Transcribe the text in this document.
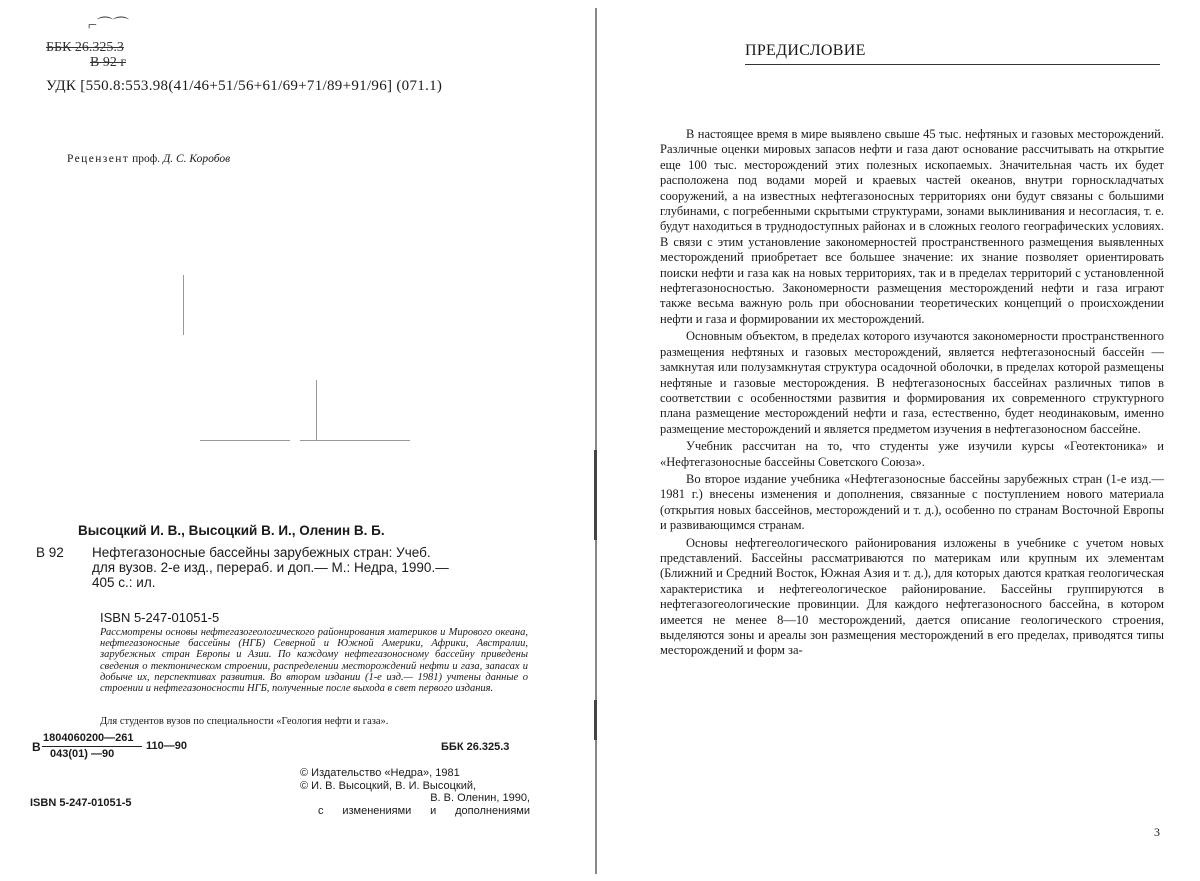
⌐⌒⌒
ББК 26.325.3
В 92 г
УДК [550.8:553.98(41/46+51/56+61/69+71/89+91/96] (071.1)
Рецензент проф. Д. С. Коробов
Высоцкий И. В., Высоцкий В. И., Оленин В. Б.
В 92 Нефтегазоносные бассейны зарубежных стран: Учеб.
для вузов. 2-е изд., перераб. и доп.— М.: Недра, 1990.—
405 с.: ил.
ISBN 5-247-01051-5
Рассмотрены основы нефтегазогеологического районирования материков и Мирового океана, нефтегазоносные бассейны (НГБ) Северной и Южной Америки, Африки, Австралии, зарубежных стран Европы и Азии. По каждому нефтегазоносному бассейну приведены сведения о тектоническом строении, распределении месторождений нефти и газа, запасах и добыче их, перспективах развития. Во втором издании (1-е изд.— 1981) учтены данные о строении и нефтегазоносности НГБ, полученные после выхода в свет первого издания.
Для студентов вузов по специальности «Геология нефти и газа».
В
1804060200—261
043(01) —90
110—90	ББК 26.325.3
© Издательство «Недра», 1981
© И. В. Высоцкий, В. И. Высоцкий,
В. В. Оленин, 1990,
с изменениями и дополнениями
ISBN 5-247-01051-5
ПРЕДИСЛОВИЕ

В настоящее время в мире выявлено свыше 45 тыс. нефтяных и газовых месторождений. Различные оценки мировых запасов нефти и газа дают основание рассчитывать на открытие еще 100 тыс. месторождений этих полезных ископаемых. Значительная часть их будет расположена под водами морей и краевых частей океанов, внутри горноскладчатых сооружений, а на известных нефтегазоносных территориях они будут связаны с большими глубинами, с погребенными скрытыми структурами, зонами выклинивания и несогласия, т. е. будут находиться в труднодоступных районах и в сложных геолого географических условиях. В связи с этим установление закономерностей пространственного размещения выявленных месторождений приобретает все большее значение: их знание позволяет ориентировать поиски нефти и газа как на новых территориях, так и в пределах территорий с установленной нефтегазоносностью. Закономерности размещения месторождений нефти и газа играют также весьма важную роль при обосновании теоретических концепций о происхождении нефти и газа и формировании их месторождений.

Основным объектом, в пределах которого изучаются закономерности пространственного размещения нефтяных и газовых месторождений, является нефтегазоносный бассейн — замкнутая или полузамкнутая структура осадочной оболочки, в пределах которой размещены нефтяные и газовые месторождения. В нефтегазоносных бассейнах различных типов в соответствии с особенностями развития и формирования их современного структурного плана размещение месторождений нефти и газа, естественно, будет неодинаковым, именно размещение месторождений и является предметом изучения в нефтегазоносном бассейне.

Учебник рассчитан на то, что студенты уже изучили курсы «Геотектоника» и «Нефтегазоносные бассейны Советского Союза».

Во второе издание учебника «Нефтегазоносные бассейны зарубежных стран (1-е изд.— 1981 г.) внесены изменения и дополнения, связанные с поступлением нового материала (открытия новых бассейнов, месторождений и т. д.), особенно по странам Восточной Европы и развивающимся странам.

Основы нефтегеологического районирования изложены в учебнике с учетом новых представлений. Бассейны рассматриваются по материкам или крупным их элементам (Ближний и Средний Восток, Южная Азия и т. д.), для которых даются краткая геологическая характеристика и нефтегеологическое районирование. Бассейны группируются в нефтегазогеологические провинции. Для каждого нефтегазоносного бассейна, в котором имеется не менее 8—10 месторождений, дается описание геологического строения, выделяются зоны и ареалы зон размещения месторождений в его пределах, приводятся типы месторождений и форм за-

3
